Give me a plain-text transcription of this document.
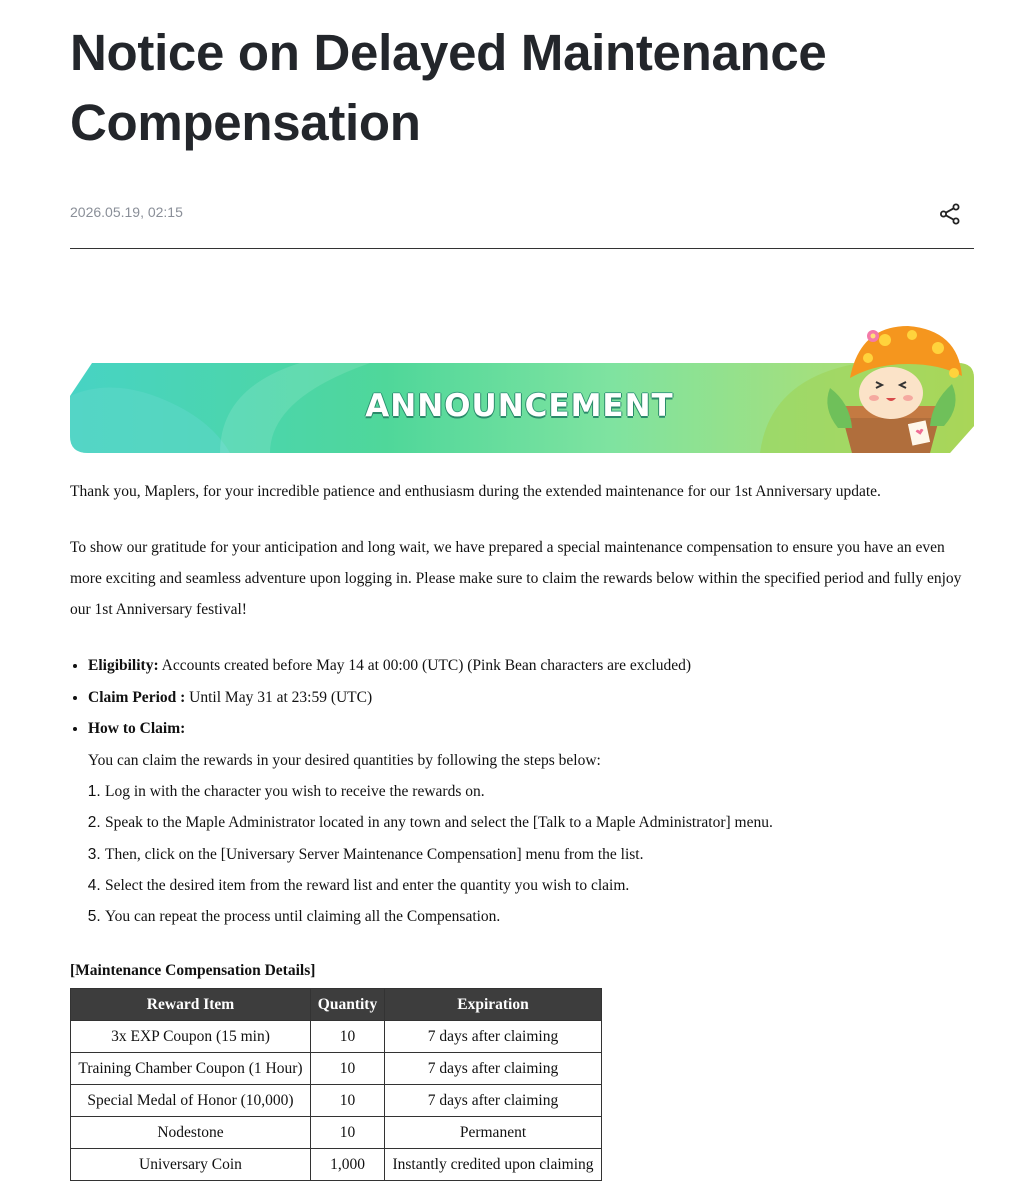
Notice on Delayed Maintenance Compensation
2026.05.19, 02:15
ANNOUNCEMENT

Thank you, Maplers, for your incredible patience and enthusiasm during the extended maintenance for our 1st Anniversary update.

To show our gratitude for your anticipation and long wait, we have prepared a special maintenance compensation to ensure you have an even more exciting and seamless adventure upon logging in. Please make sure to claim the rewards below within the specified period and fully enjoy our 1st Anniversary festival!

• Eligibility: Accounts created before May 14 at 00:00 (UTC) (Pink Bean characters are excluded)
• Claim Period : Until May 31 at 23:59 (UTC)
• How to Claim:
You can claim the rewards in your desired quantities by following the steps below:
1. Log in with the character you wish to receive the rewards on.
2. Speak to the Maple Administrator located in any town and select the [Talk to a Maple Administrator] menu.
3. Then, click on the [Universary Server Maintenance Compensation] menu from the list.
4. Select the desired item from the reward list and enter the quantity you wish to claim.
5. You can repeat the process until claiming all the Compensation.
[Maintenance Compensation Details]
Reward Item	Quantity	Expiration
3x EXP Coupon (15 min)	10	7 days after claiming
Training Chamber Coupon (1 Hour)	10	7 days after claiming
Special Medal of Honor (10,000)	10	7 days after claiming
Nodestone	10	Permanent
Universary Coin	1,000	Instantly credited upon claiming
